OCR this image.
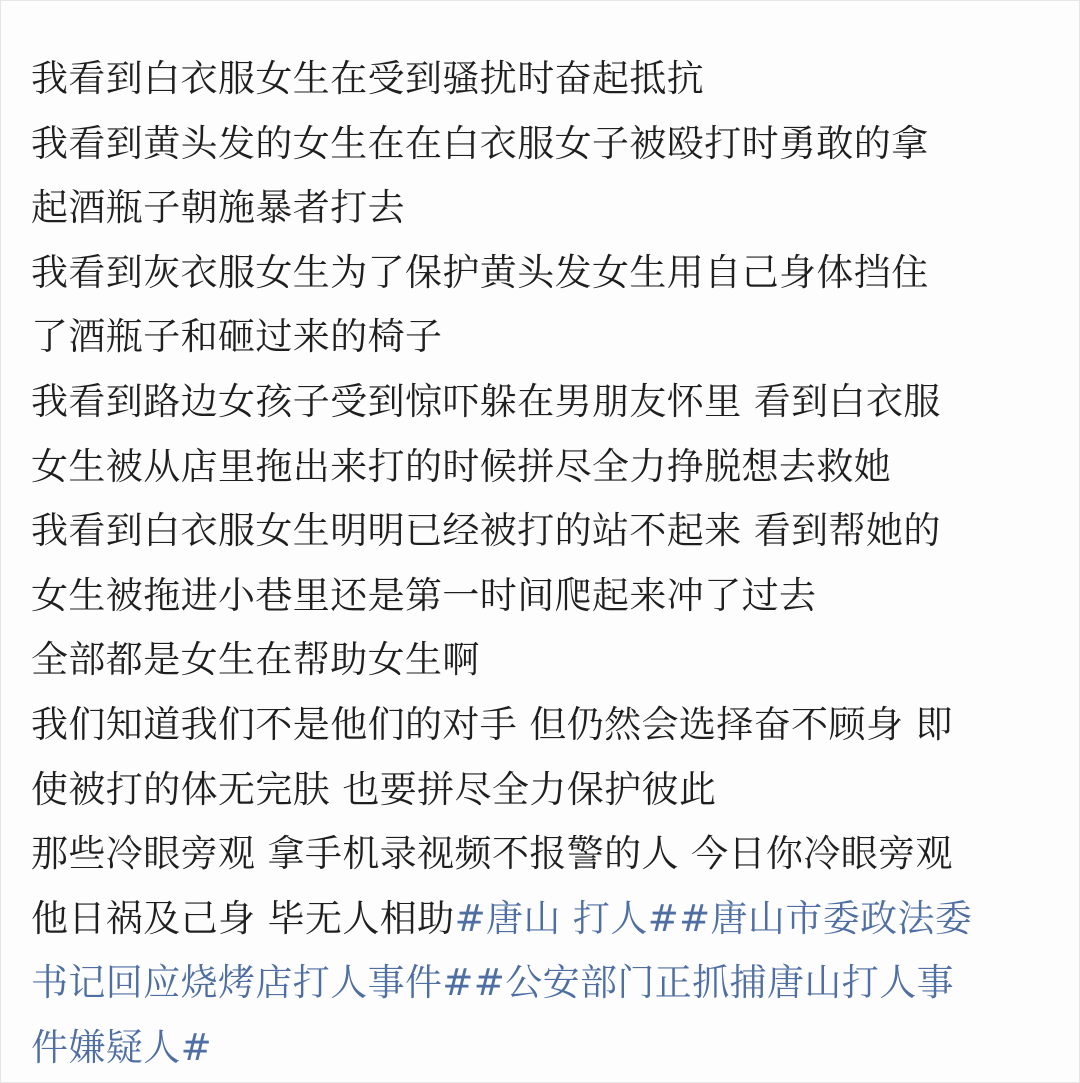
我看到白衣服女生在受到骚扰时奋起抵抗
我看到黄头发的女生在在白衣服女子被殴打时勇敢的拿
起酒瓶子朝施暴者打去
我看到灰衣服女生为了保护黄头发女生用自己身体挡住
了酒瓶子和砸过来的椅子
我看到路边女孩子受到惊吓躲在男朋友怀里 看到白衣服
女生被从店里拖出来打的时候拼尽全力挣脱想去救她
我看到白衣服女生明明已经被打的站不起来 看到帮她的
女生被拖进小巷里还是第一时间爬起来冲了过去
全部都是女生在帮助女生啊
我们知道我们不是他们的对手 但仍然会选择奋不顾身 即
使被打的体无完肤 也要拼尽全力保护彼此
那些冷眼旁观 拿手机录视频不报警的人 今日你冷眼旁观
他日祸及己身 毕无人相助#唐山 打人##唐山市委政法委
书记回应烧烤店打人事件##公安部门正抓捕唐山打人事
件嫌疑人#
